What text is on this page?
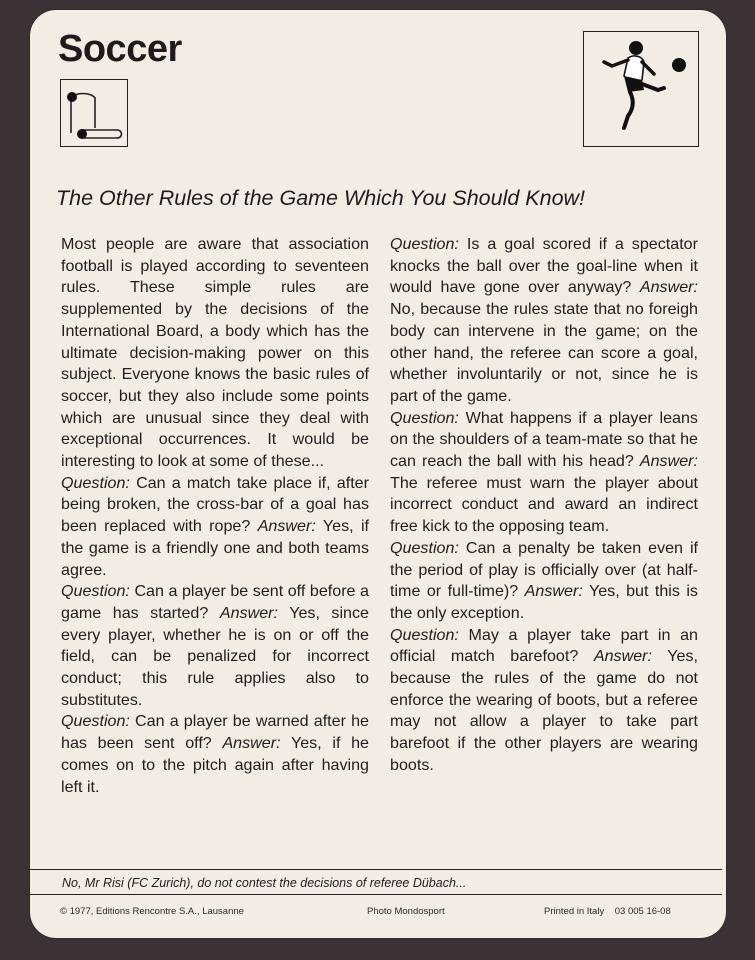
Soccer
The Other Rules of the Game Which You Should Know!

Most people are aware that association football is played according to seventeen rules. These simple rules are supplemented by the decisions of the International Board, a body which has the ultimate decision-making power on this subject. Everyone knows the basic rules of soccer, but they also include some points which are unusual since they deal with exceptional occurrences. It would be interesting to look at some of these...

Question: Can a match take place if, after being broken, the cross-bar of a goal has been replaced with rope? Answer: Yes, if the game is a friendly one and both teams agree.

Question: Can a player be sent off before a game has started? Answer: Yes, since every player, whether he is on or off the field, can be penalized for incorrect conduct; this rule applies also to substitutes.

Question: Can a player be warned after he has been sent off? Answer: Yes, if he comes on to the pitch again after having left it.

Question: Is a goal scored if a spectator knocks the ball over the goal-line when it would have gone over anyway? Answer: No, because the rules state that no foreigh body can intervene in the game; on the other hand, the referee can score a goal, whether involuntarily or not, since he is part of the game.

Question: What happens if a player leans on the shoulders of a team-mate so that he can reach the ball with his head? Answer: The referee must warn the player about incorrect conduct and award an indirect free kick to the opposing team.

Question: Can a penalty be taken even if the period of play is officially over (at half-time or full-time)? Answer: Yes, but this is the only exception.

Question: May a player take part in an official match barefoot? Answer: Yes, because the rules of the game do not enforce the wearing of boots, but a referee may not allow a player to take part barefoot if the other players are wearing boots.

No, Mr Risi (FC Zurich), do not contest the decisions of referee Dübach...
© 1977, Editions Rencontre S.A., Lausanne	Photo Mondosport	Printed in Italy    03 005 16-08
